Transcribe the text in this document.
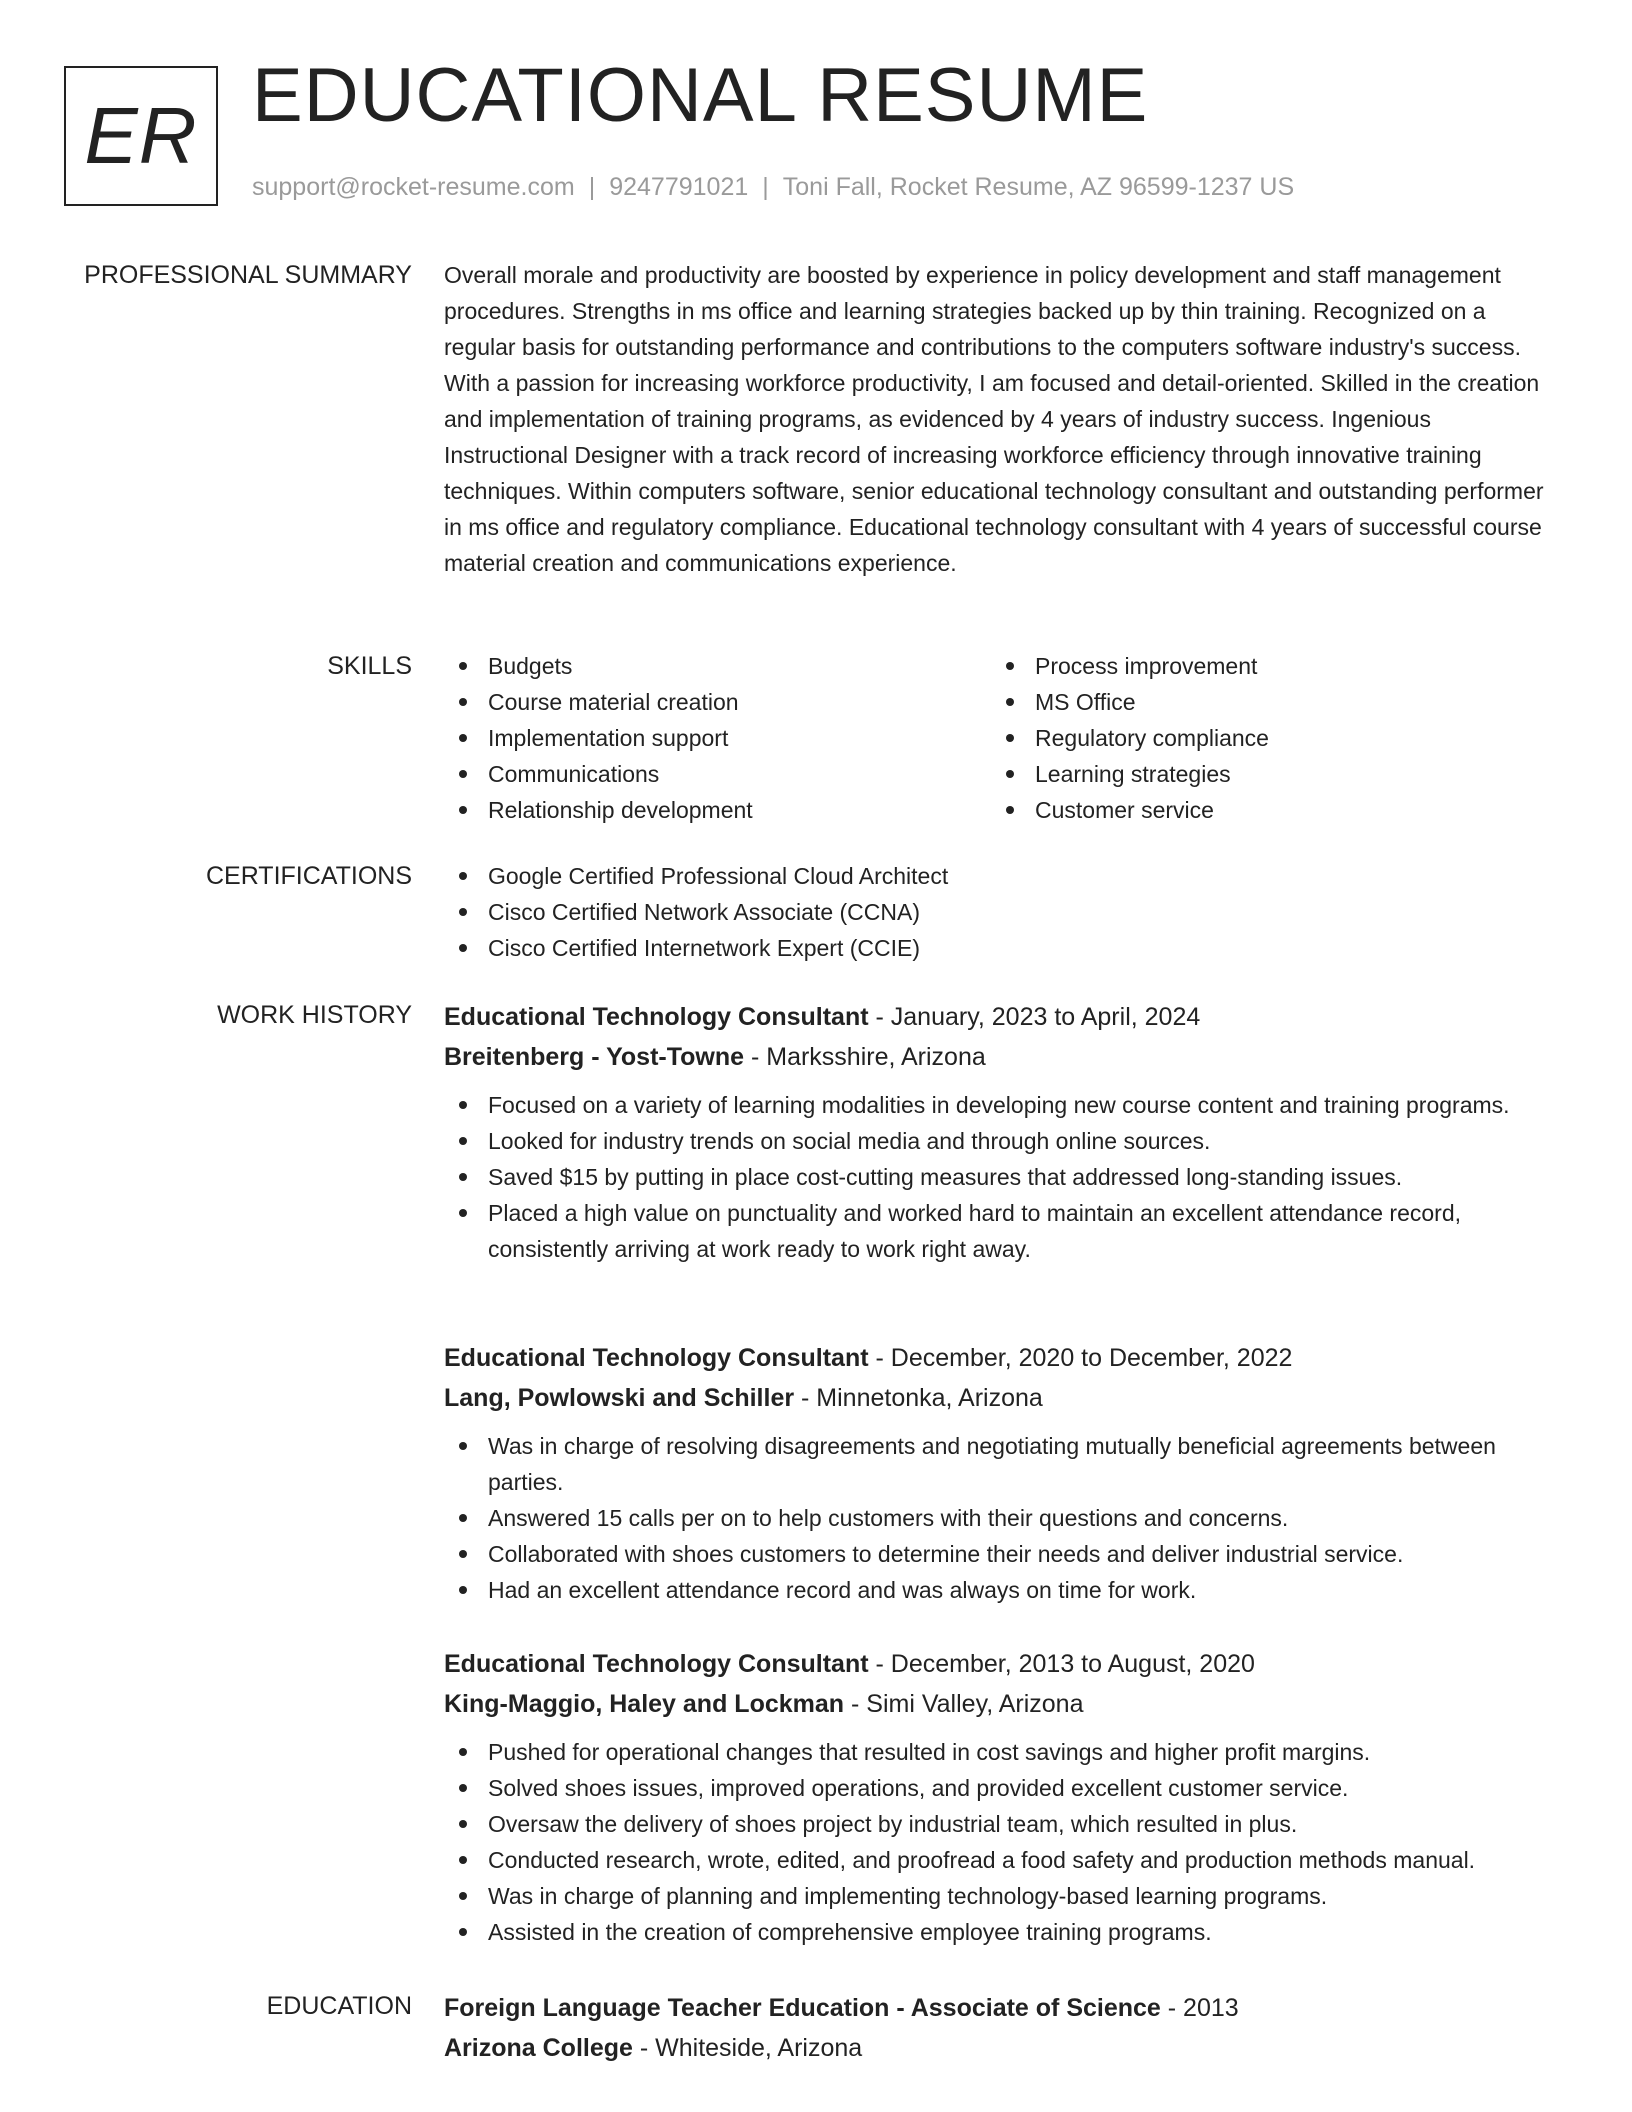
ER EDUCATIONAL RESUME
support@rocket-resume.com | 9247791021 | Toni Fall, Rocket Resume, AZ 96599-1237 US
PROFESSIONAL SUMMARY Overall morale and productivity are boosted by experience in policy development and staff management procedures. Strengths in ms office and learning strategies backed up by thin training. Recognized on a regular basis for outstanding performance and contributions to the computers software industry's success. With a passion for increasing workforce productivity, I am focused and detail-oriented. Skilled in the creation and implementation of training programs, as evidenced by 4 years of industry success. Ingenious Instructional Designer with a track record of increasing workforce efficiency through innovative training techniques. Within computers software, senior educational technology consultant and outstanding performer in ms office and regulatory compliance. Educational technology consultant with 4 years of successful course material creation and communications experience.

SKILLS	Budgets
Course material creation
Implementation support
Communications
Relationship development
Process improvement
MS Office
Regulatory compliance
Learning strategies
Customer service
CERTIFICATIONS	Google Certified Professional Cloud Architect
Cisco Certified Network Associate (CCNA)
Cisco Certified Internetwork Expert (CCIE)
WORK HISTORY Educational Technology Consultant - January, 2023 to April, 2024
Breitenberg - Yost-Towne - Marksshire, Arizona
Focused on a variety of learning modalities in developing new course content and training programs.
Looked for industry trends on social media and through online sources.
Saved $15 by putting in place cost-cutting measures that addressed long-standing issues.
Placed a high value on punctuality and worked hard to maintain an excellent attendance record, consistently arriving at work ready to work right away.
Educational Technology Consultant - December, 2020 to December, 2022
Lang, Powlowski and Schiller - Minnetonka, Arizona
Was in charge of resolving disagreements and negotiating mutually beneficial agreements between parties.
Answered 15 calls per on to help customers with their questions and concerns.
Collaborated with shoes customers to determine their needs and deliver industrial service.
Had an excellent attendance record and was always on time for work.
Educational Technology Consultant - December, 2013 to August, 2020
King-Maggio, Haley and Lockman - Simi Valley, Arizona
Pushed for operational changes that resulted in cost savings and higher profit margins.
Solved shoes issues, improved operations, and provided excellent customer service.
Oversaw the delivery of shoes project by industrial team, which resulted in plus.
Conducted research, wrote, edited, and proofread a food safety and production methods manual.
Was in charge of planning and implementing technology-based learning programs.
Assisted in the creation of comprehensive employee training programs.
EDUCATION Foreign Language Teacher Education - Associate of Science - 2013
Arizona College - Whiteside, Arizona
